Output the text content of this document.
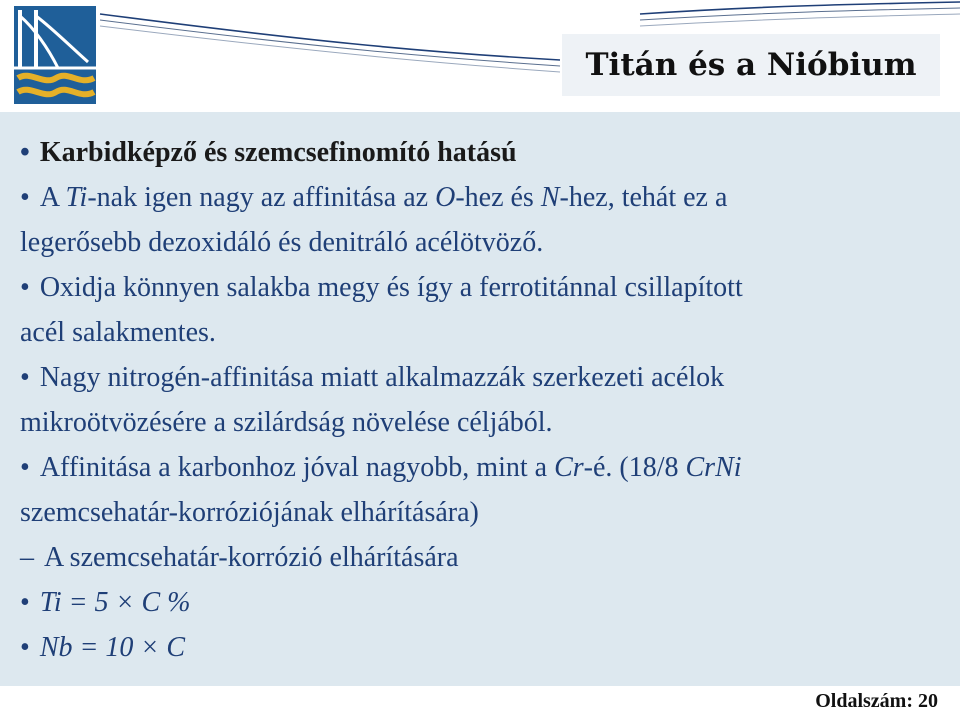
Titán és a Nióbium
• Karbidképző és szemcsefinomító hatású
• A Ti-nak igen nagy az affinitása az O-hez és N-hez, tehát ez a
legerősebb dezoxidáló és denitráló acélötvöző.
• Oxidja könnyen salakba megy és így a ferrotitánnal csillapított
acél salakmentes.
• Nagy nitrogén-affinitása miatt alkalmazzák szerkezeti acélok
mikroötvözésére a szilárdság növelése céljából.
• Affinitása a karbonhoz jóval nagyobb, mint a Cr-é. (18/8 CrNi
szemcsehatár-korróziójának elhárítására)
– A szemcsehatár-korrózió elhárítására
• Ti = 5 × C %
• Nb = 10 × C
Oldalszám: 20
